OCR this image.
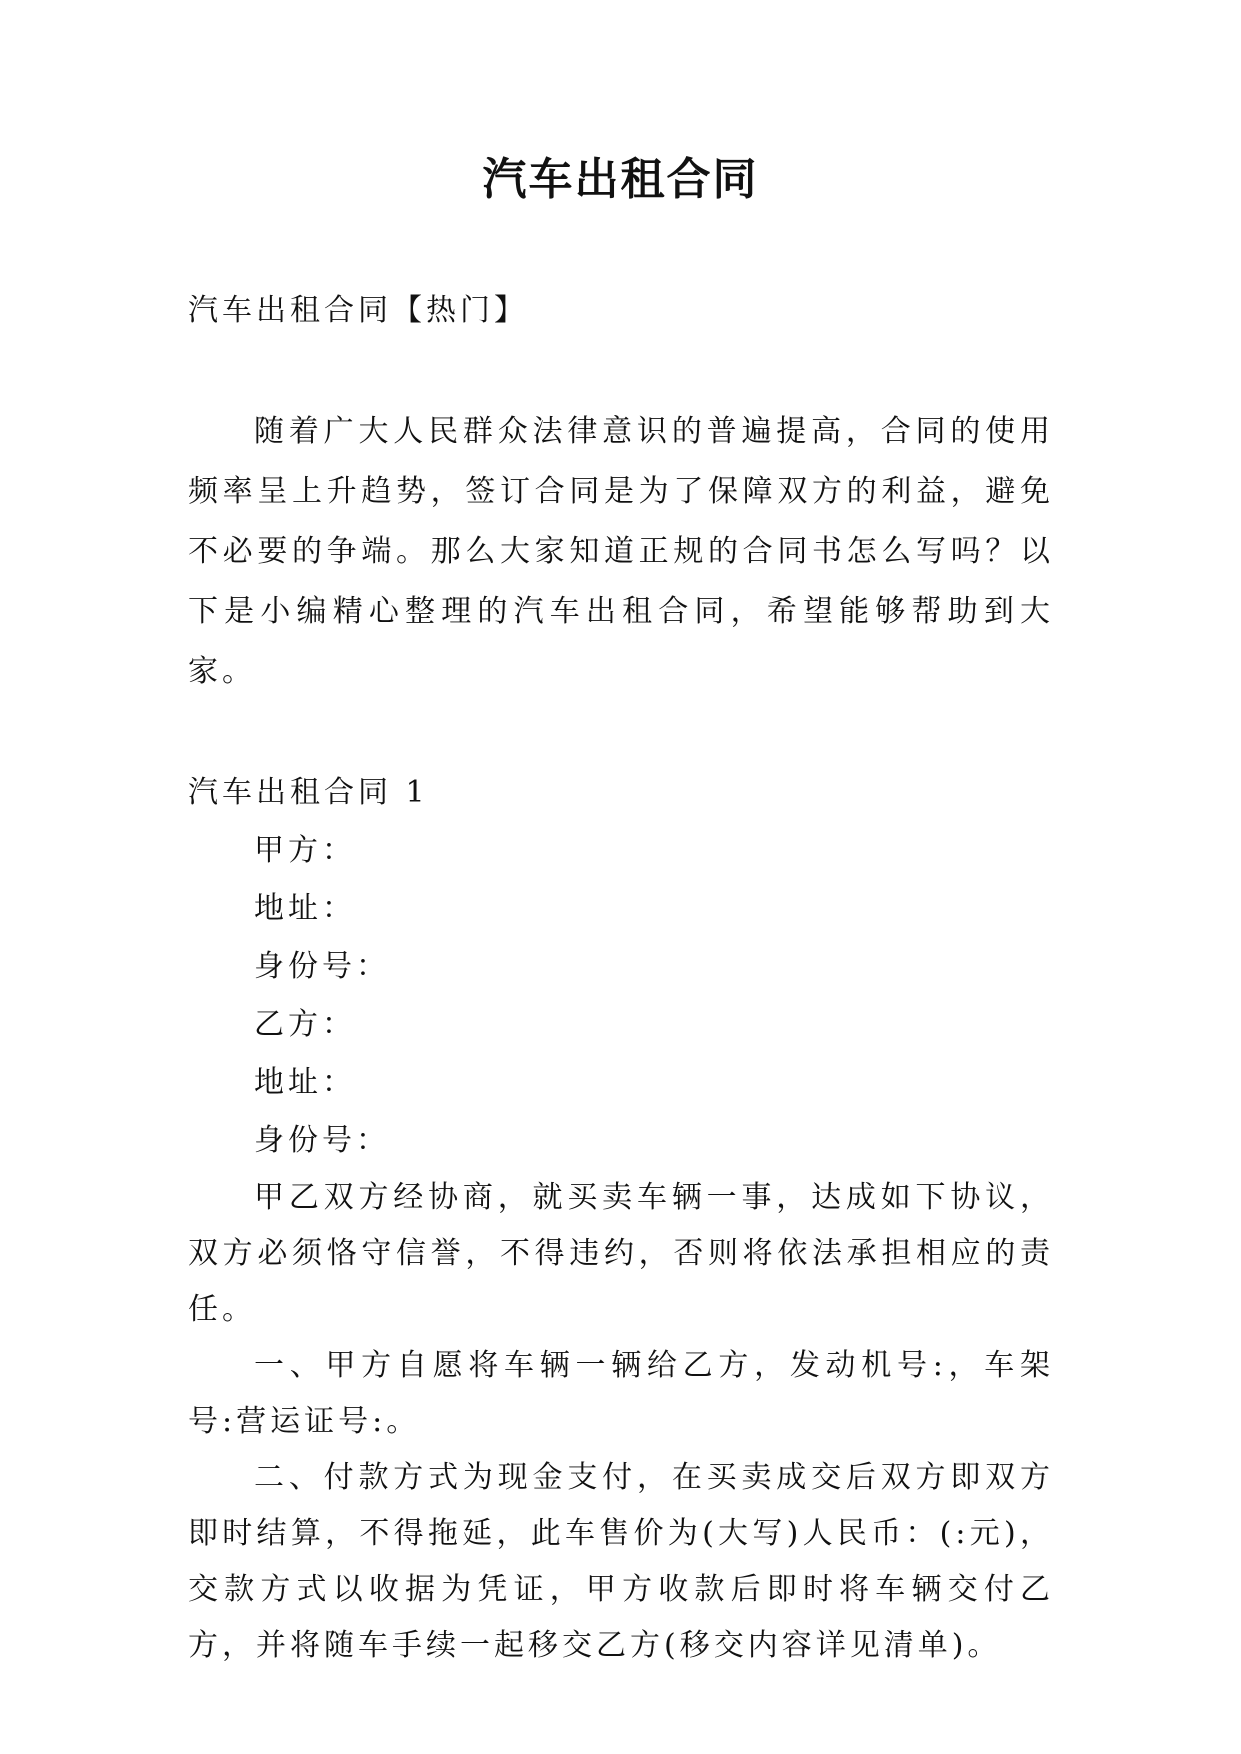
汽车出租合同

汽车出租合同【热门】

随着广大人民群众法律意识的普遍提高，合同的使用频率呈上升趋势，签订合同是为了保障双方的利益，避免不必要的争端。那么大家知道正规的合同书怎么写吗？以下是小编精心整理的汽车出租合同，希望能够帮助到大家。

汽车出租合同 1

甲方：

地址：

身份号：

乙方：

地址：

身份号：

甲乙双方经协商，就买卖车辆一事，达成如下协议，双方必须恪守信誉，不得违约，否则将依法承担相应的责任。

一、甲方自愿将车辆一辆给乙方，发动机号:，车架号:营运证号:。

二、付款方式为现金支付，在买卖成交后双方即双方即时结算，不得拖延，此车售价为(大写)人民币：(:元)，交款方式以收据为凭证，甲方收款后即时将车辆交付乙方，并将随车手续一起移交乙方(移交内容详见清单)。
